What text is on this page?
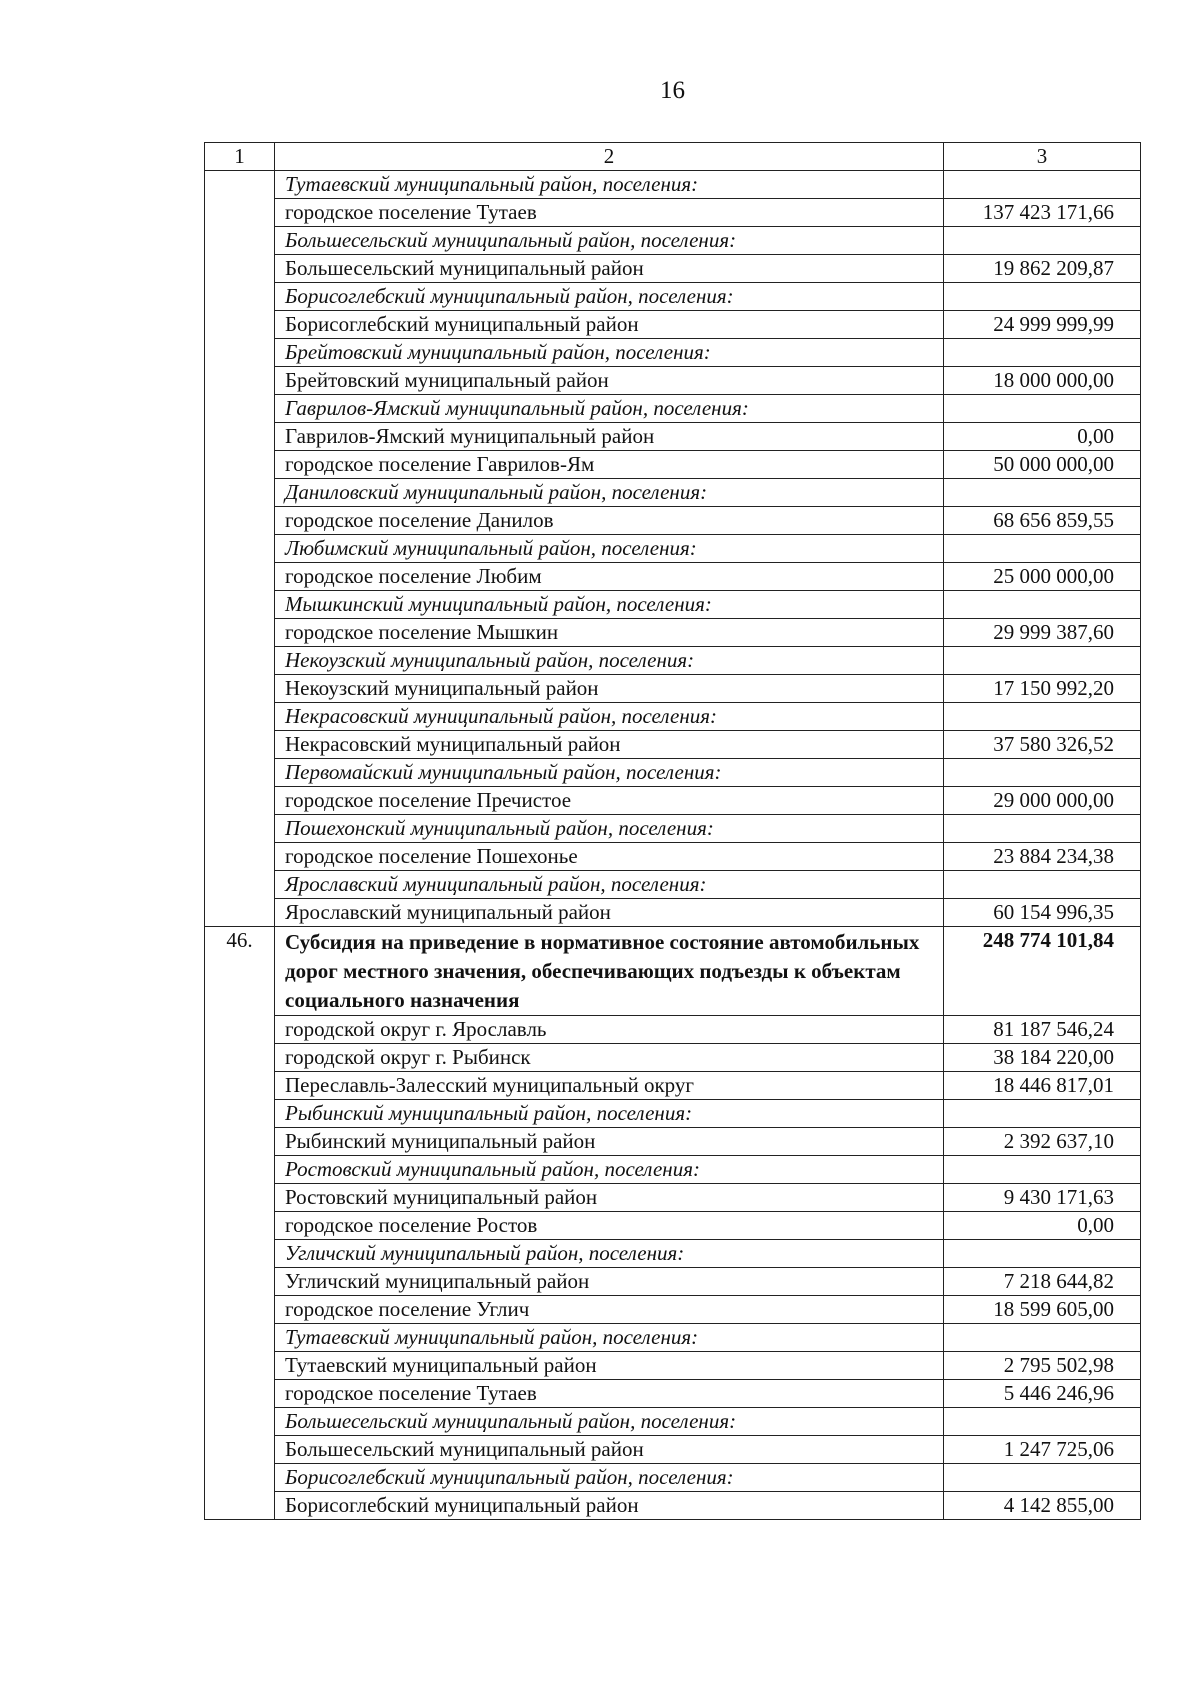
16
1	2	3
	Тутаевский муниципальный район, поселения:	
	городское поселение Тутаев	137 423 171,66
	Большесельский муниципальный район, поселения:	
	Большесельский муниципальный район	19 862 209,87
	Борисоглебский муниципальный район, поселения:	
	Борисоглебский муниципальный район	24 999 999,99
	Брейтовский муниципальный район, поселения:	
	Брейтовский муниципальный район	18 000 000,00
	Гаврилов-Ямский муниципальный район, поселения:	
	Гаврилов-Ямский муниципальный район	0,00
	городское поселение Гаврилов-Ям	50 000 000,00
	Даниловский муниципальный район, поселения:	
	городское поселение Данилов	68 656 859,55
	Любимский муниципальный район, поселения:	
	городское поселение Любим	25 000 000,00
	Мышкинский муниципальный район, поселения:	
	городское поселение Мышкин	29 999 387,60
	Некоузский муниципальный район, поселения:	
	Некоузский муниципальный район	17 150 992,20
	Некрасовский муниципальный район, поселения:	
	Некрасовский муниципальный район	37 580 326,52
	Первомайский муниципальный район, поселения:	
	городское поселение Пречистое	29 000 000,00
	Пошехонский муниципальный район, поселения:	
	городское поселение Пошехонье	23 884 234,38
	Ярославский муниципальный район, поселения:	
	Ярославский муниципальный район	60 154 996,35
46.	Субсидия на приведение в нормативное состояние автомобильных дорог местного значения, обеспечивающих подъезды к объектам социального назначения	248 774 101,84
	городской округ г. Ярославль	81 187 546,24
	городской округ г. Рыбинск	38 184 220,00
	Переславль-Залесский муниципальный округ	18 446 817,01
	Рыбинский муниципальный район, поселения:	
	Рыбинский муниципальный район	2 392 637,10
	Ростовский муниципальный район, поселения:	
	Ростовский муниципальный район	9 430 171,63
	городское поселение Ростов	0,00
	Угличский муниципальный район, поселения:	
	Угличский муниципальный район	7 218 644,82
	городское поселение Углич	18 599 605,00
	Тутаевский муниципальный район, поселения:	
	Тутаевский муниципальный район	2 795 502,98
	городское поселение Тутаев	5 446 246,96
	Большесельский муниципальный район, поселения:	
	Большесельский муниципальный район	1 247 725,06
	Борисоглебский муниципальный район, поселения:	
	Борисоглебский муниципальный район	4 142 855,00
